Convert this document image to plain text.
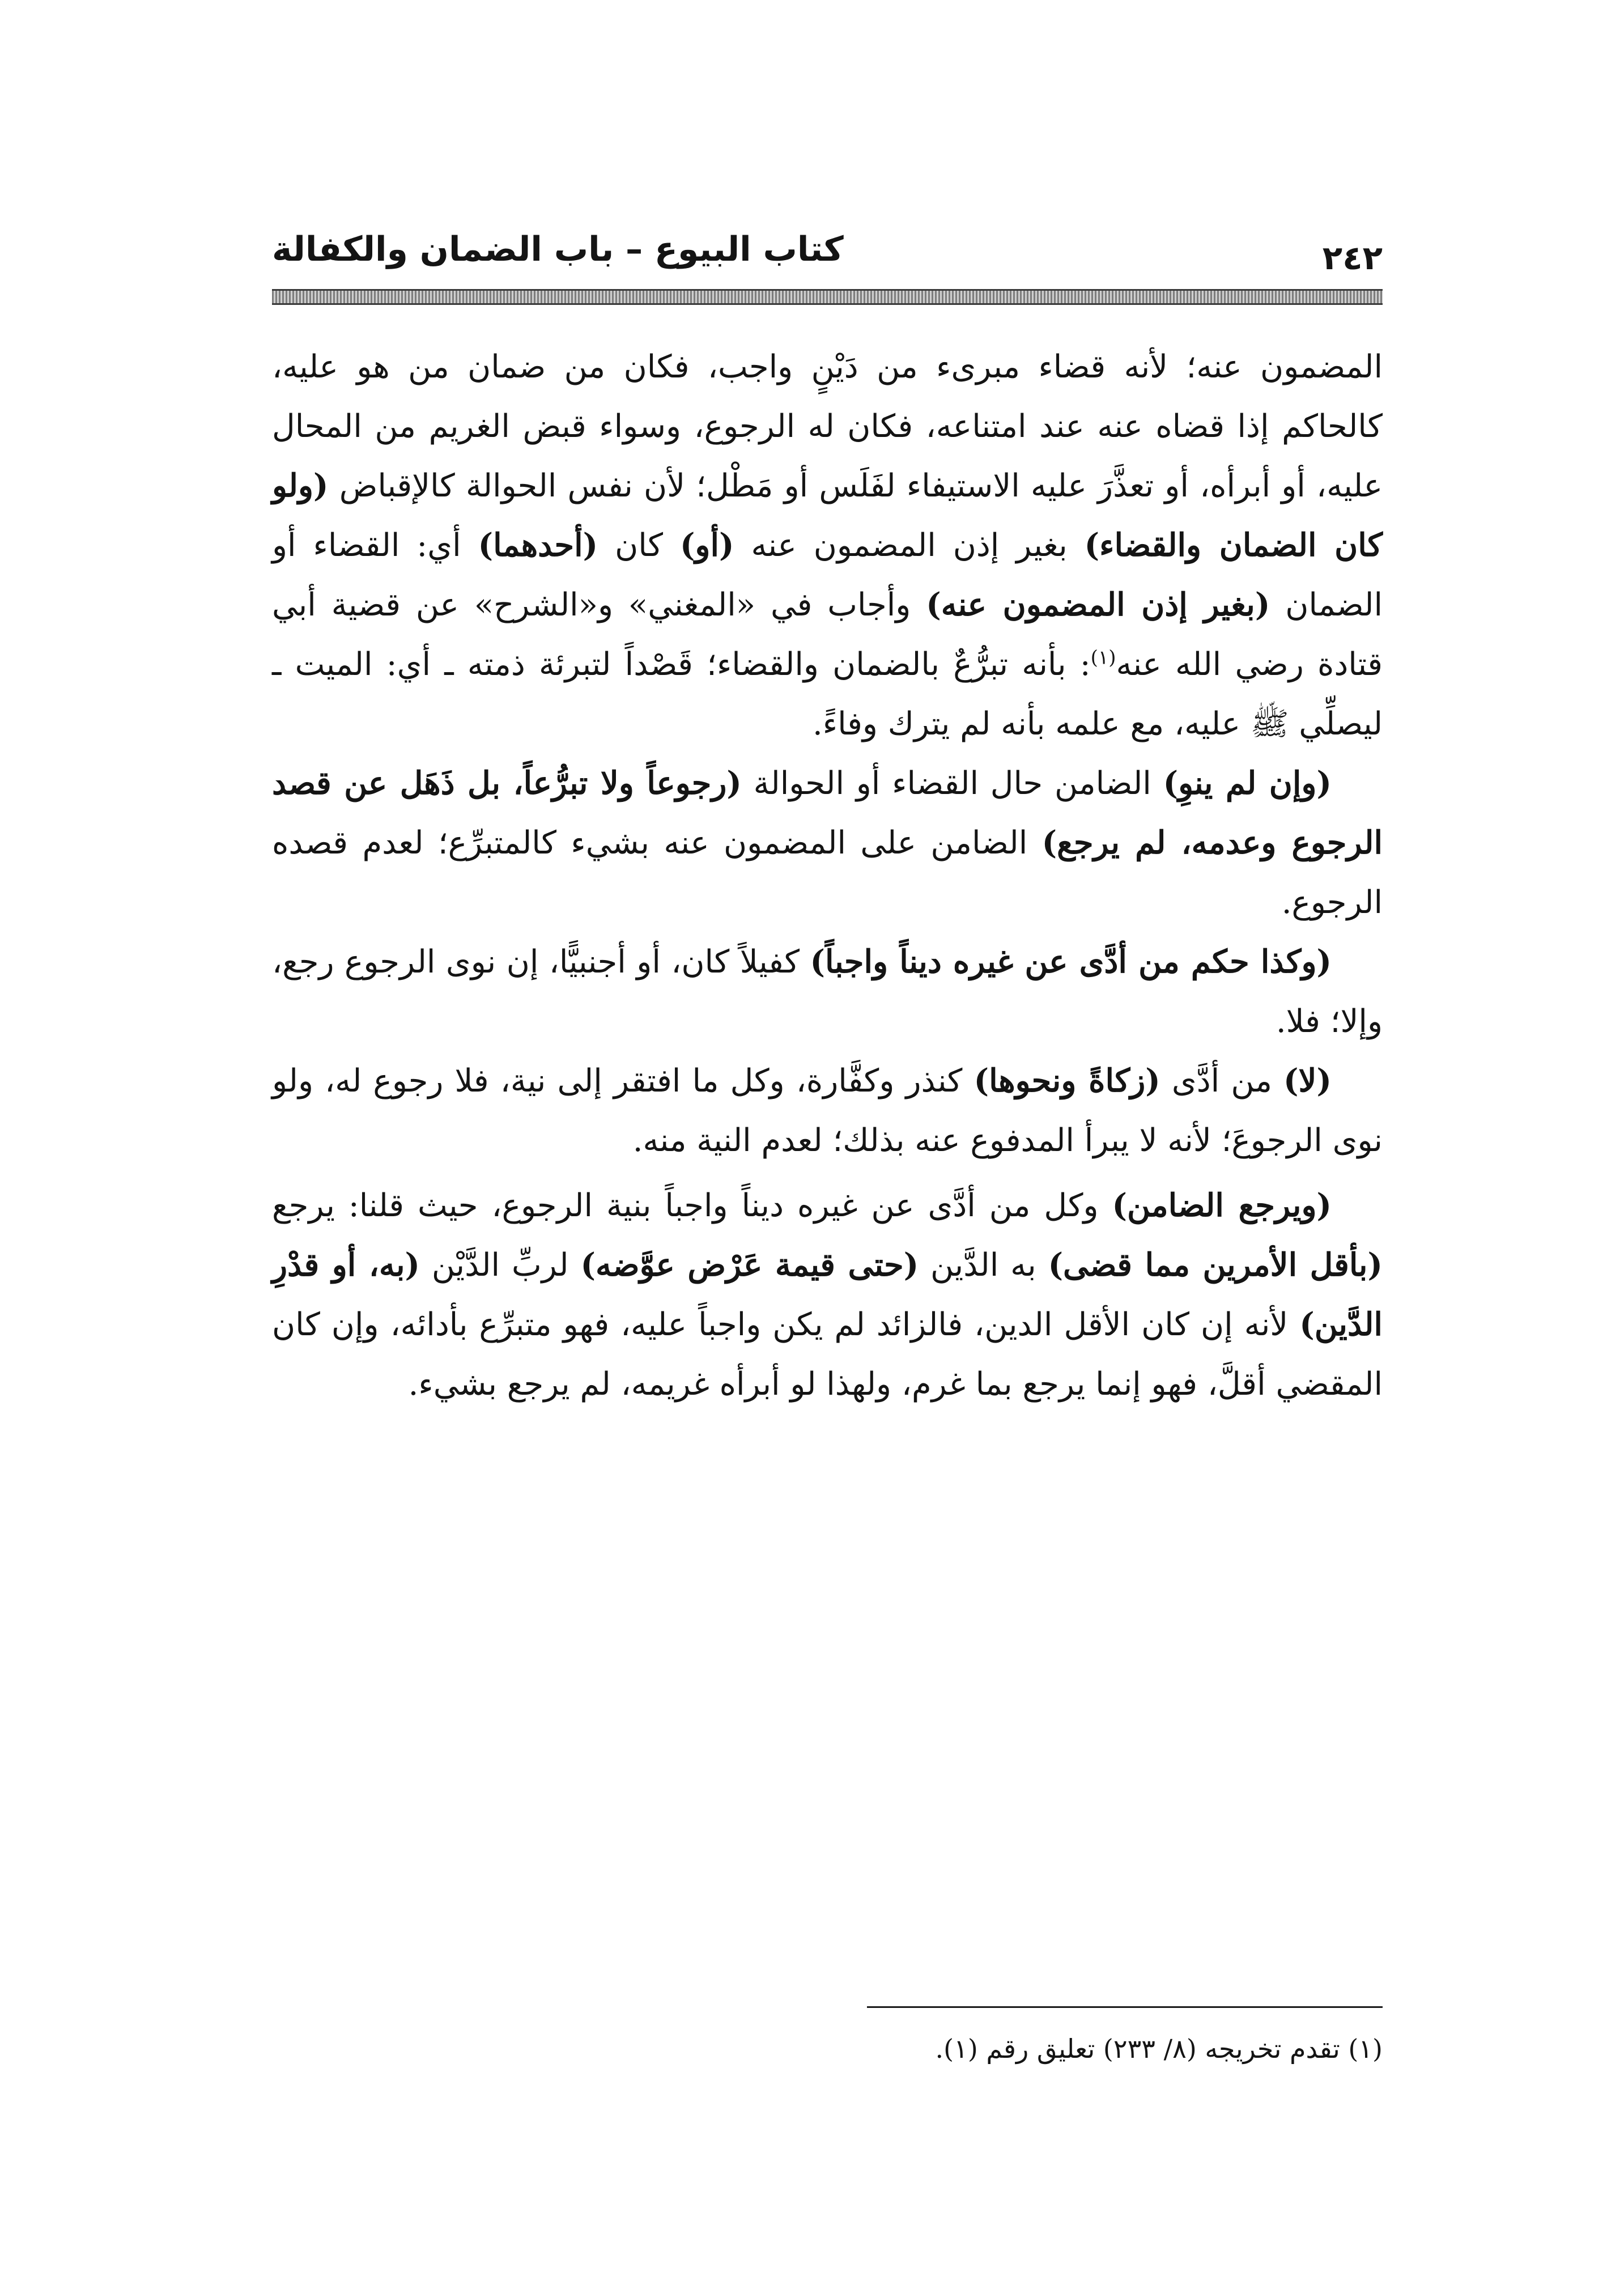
كتاب البيوع – باب الضمان والكفالة	٢٤٢

المضمون عنه؛ لأنه قضاء مبرىء من دَيْنٍ واجب، فكان من ضمان من هو عليه، كالحاكم إذا قضاه عنه عند امتناعه، فكان له الرجوع، وسواء قبض الغريم من المحال عليه، أو أبرأه، أو تعذَّرَ عليه الاستيفاء لفَلَس أو مَطْل؛ لأن نفس الحوالة كالإقباض (ولو كان الضمان والقضاء) بغير إذن المضمون عنه (أو) كان (أحدهما) أي: القضاء أو الضمان (بغير إذن المضمون عنه) وأجاب في «المغني» و«الشرح» عن قضية أبي قتادة رضي الله عنه$^{(١)}$: بأنه تبرُّعٌ بالضمان والقضاء؛ قَصْداً لتبرئة ذمته ـ أي: الميت ـ ليصلِّي ﷺ عليه، مع علمه بأنه لم يترك وفاءً.

(وإن لم ينوِ) الضامن حال القضاء أو الحوالة (رجوعاً ولا تبرُّعاً، بل ذَهَل عن قصد الرجوع وعدمه، لم يرجع) الضامن على المضمون عنه بشيء كالمتبرِّع؛ لعدم قصده الرجوع.

(وكذا حكم من أدَّى عن غيره ديناً واجباً) كفيلاً كان، أو أجنبيًّا، إن نوى الرجوع رجع، وإلا؛ فلا.

(لا) من أدَّى (زكاةً ونحوها) كنذر وكفَّارة، وكل ما افتقر إلى نية، فلا رجوع له، ولو نوى الرجوعَ؛ لأنه لا يبرأ المدفوع عنه بذلك؛ لعدم النية منه.

(ويرجع الضامن) وكل من أدَّى عن غيره ديناً واجباً بنية الرجوع، حيث قلنا: يرجع (بأقل الأمرين مما قضى) به الدَّين (حتى قيمة عَرْض عوَّضه) لربِّ الدَّيْن (به، أو قدْرِ الدَّين) لأنه إن كان الأقل الدين، فالزائد لم يكن واجباً عليه، فهو متبرِّع بأدائه، وإن كان المقضي أقلَّ، فهو إنما يرجع بما غرم، ولهذا لو أبرأه غريمه، لم يرجع بشيء.

(١) تقدم تخريجه (٨/ ٢٣٣) تعليق رقم (١).
